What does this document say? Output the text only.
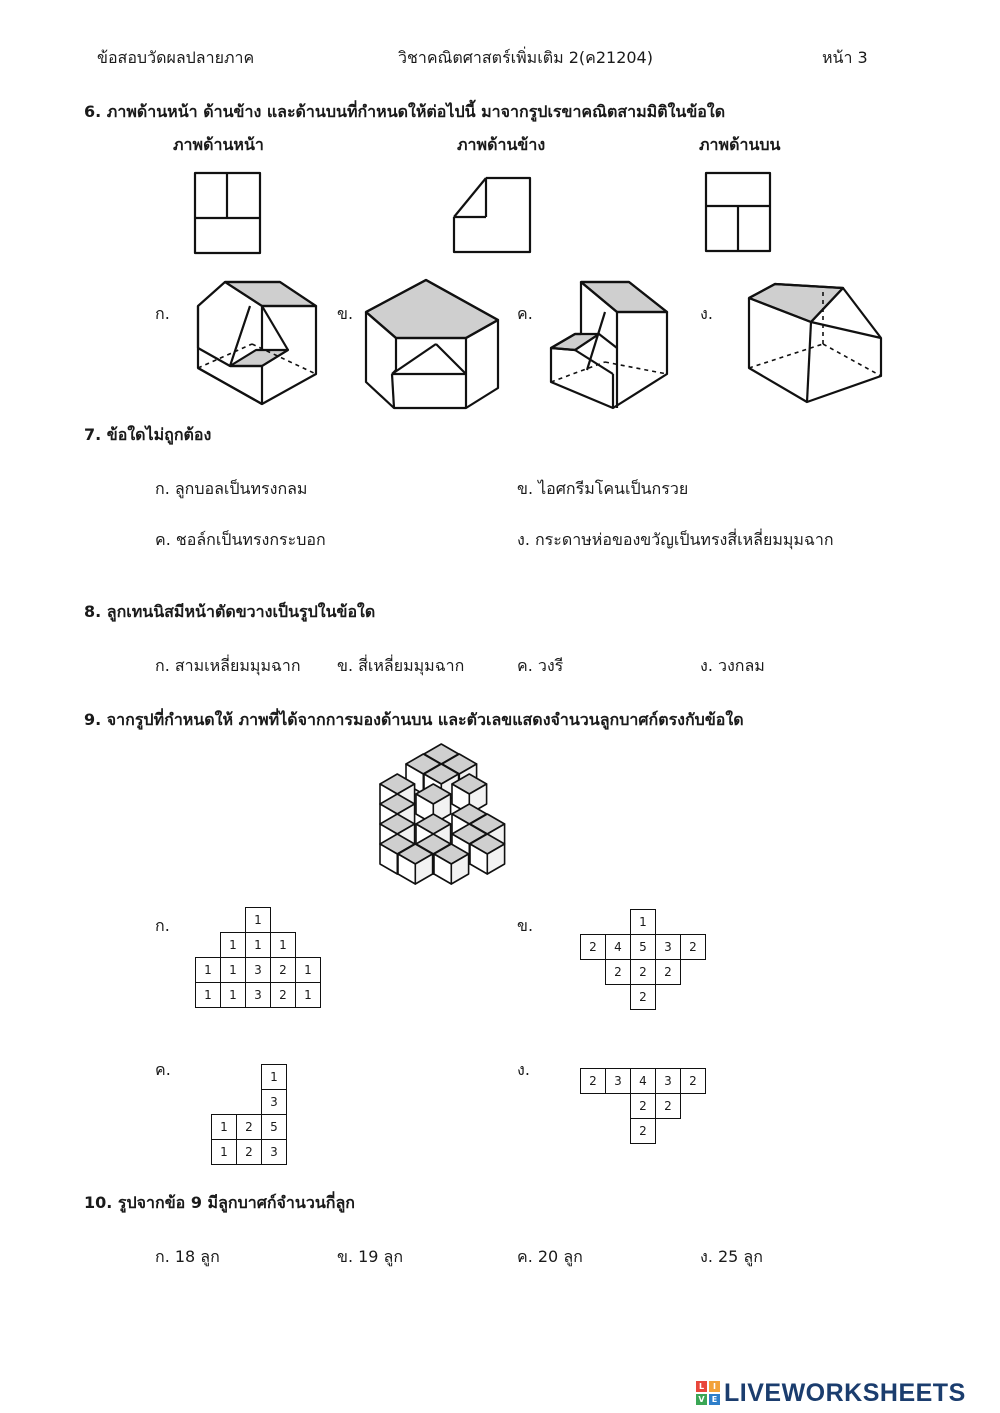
ข้อสอบวัดผลปลายภาค	วิชาคณิตศาสตร์เพิ่มเติม 2(ค21204)	หน้า 3
6. ภาพด้านหน้า ด้านข้าง และด้านบนที่กำหนดให้ต่อไปนี้ มาจากรูปเรขาคณิตสามมิติในข้อใด
ภาพด้านหน้า	ภาพด้านข้าง	ภาพด้านบน
ก.	ข.	ค.	ง.
7. ข้อใดไม่ถูกต้อง
ก. ลูกบอลเป็นทรงกลม	ข. ไอศกรีมโคนเป็นกรวย
ค. ชอล์กเป็นทรงกระบอก	ง. กระดาษห่อของขวัญเป็นทรงสี่เหลี่ยมมุมฉาก
8. ลูกเทนนิสมีหน้าตัดขวางเป็นรูปในข้อใด
ก. สามเหลี่ยมมุมฉาก ข. สี่เหลี่ยมมุมฉาก	ค. วงรี	ง. วงกลม
9. จากรูปที่กำหนดให้ ภาพที่ได้จากการมองด้านบน และตัวเลขแสดงจำนวนลูกบาศก์ตรงกับข้อใด
ก.	ข.
ค.	ง.
		1		
	1	1	1	
1	1	3	2	1
1	1	3	2	1
		1		
2	4	5	3	2
	2	2	2	
		2		
		1
		3
1	2	5
1	2	3
2	3	4	3	2
		2	2	
		2		
10. รูปจากข้อ 9 มีลูกบาศก์จำนวนกี่ลูก
ก. 18 ลูก	ข. 19 ลูก	ค. 20 ลูก	ง. 25 ลูก
L	I
V E LIVEWORKSHEETS
